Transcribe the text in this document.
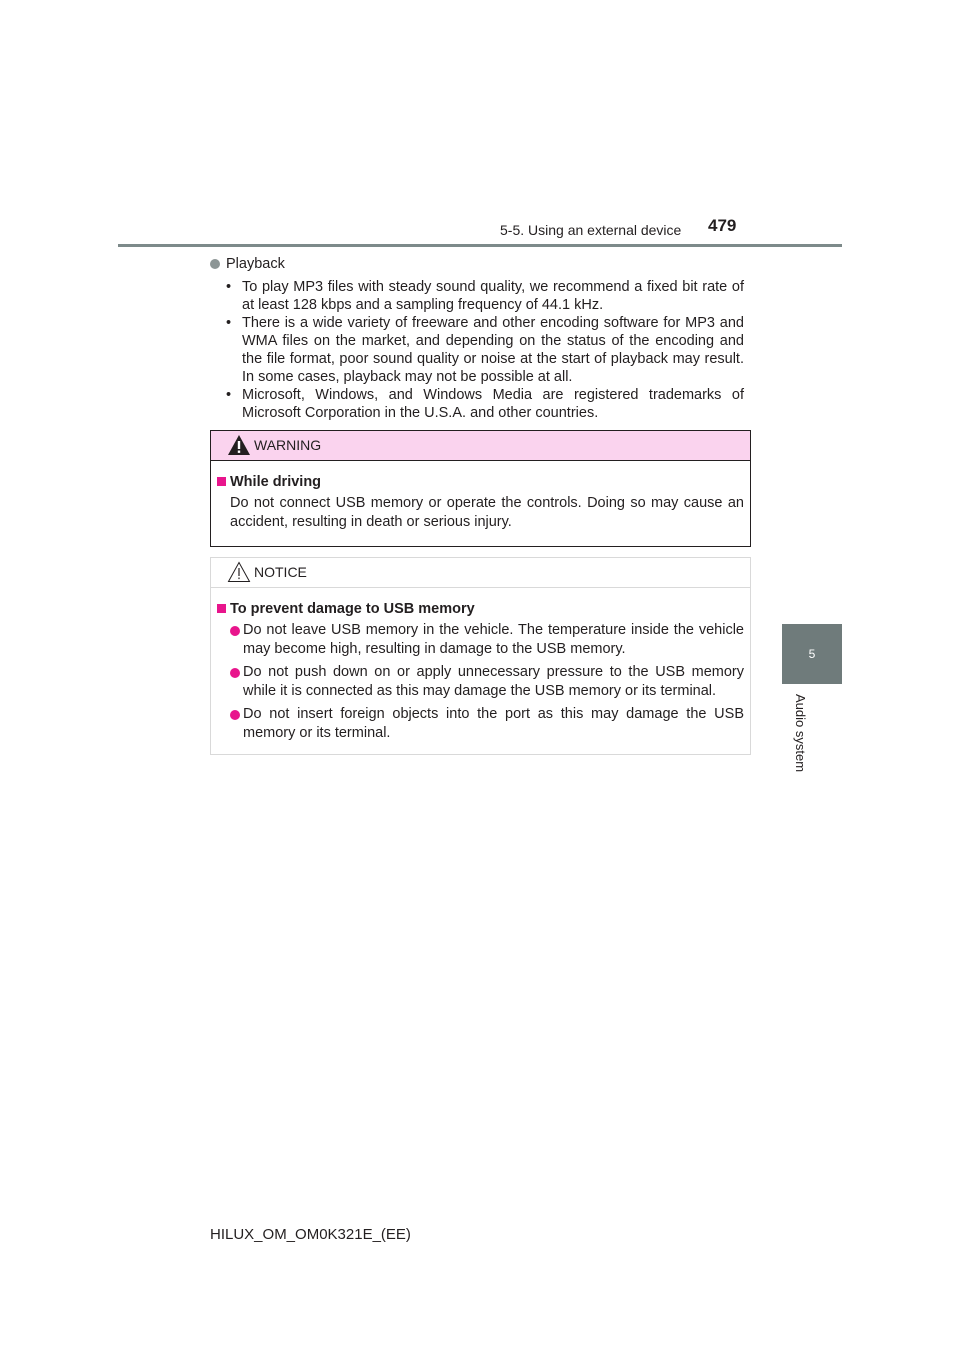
5-5. Using an external device 479
5
Audio system
Playback
• To play MP3 files with steady sound quality, we recommend a fixed bit rate of at least 128 kbps and a sampling frequency of 44.1 kHz.
• There is a wide variety of freeware and other encoding software for MP3 and WMA files on the market, and depending on the status of the encoding and the file format, poor sound quality or noise at the start of playback may result. In some cases, playback may not be possible at all.
• Microsoft, Windows, and Windows Media are registered trademarks of Microsoft Corporation in the U.S.A. and other countries.
WARNING
While driving
Do not connect USB memory or operate the controls. Doing so may cause an accident, resulting in death or serious injury.
NOTICE
To prevent damage to USB memory
Do not leave USB memory in the vehicle. The temperature inside the vehicle may become high, resulting in damage to the USB memory.
Do not push down on or apply unnecessary pressure to the USB memory while it is connected as this may damage the USB memory or its terminal.
Do not insert foreign objects into the port as this may damage the USB memory or its terminal.
HILUX_OM_OM0K321E_(EE)
